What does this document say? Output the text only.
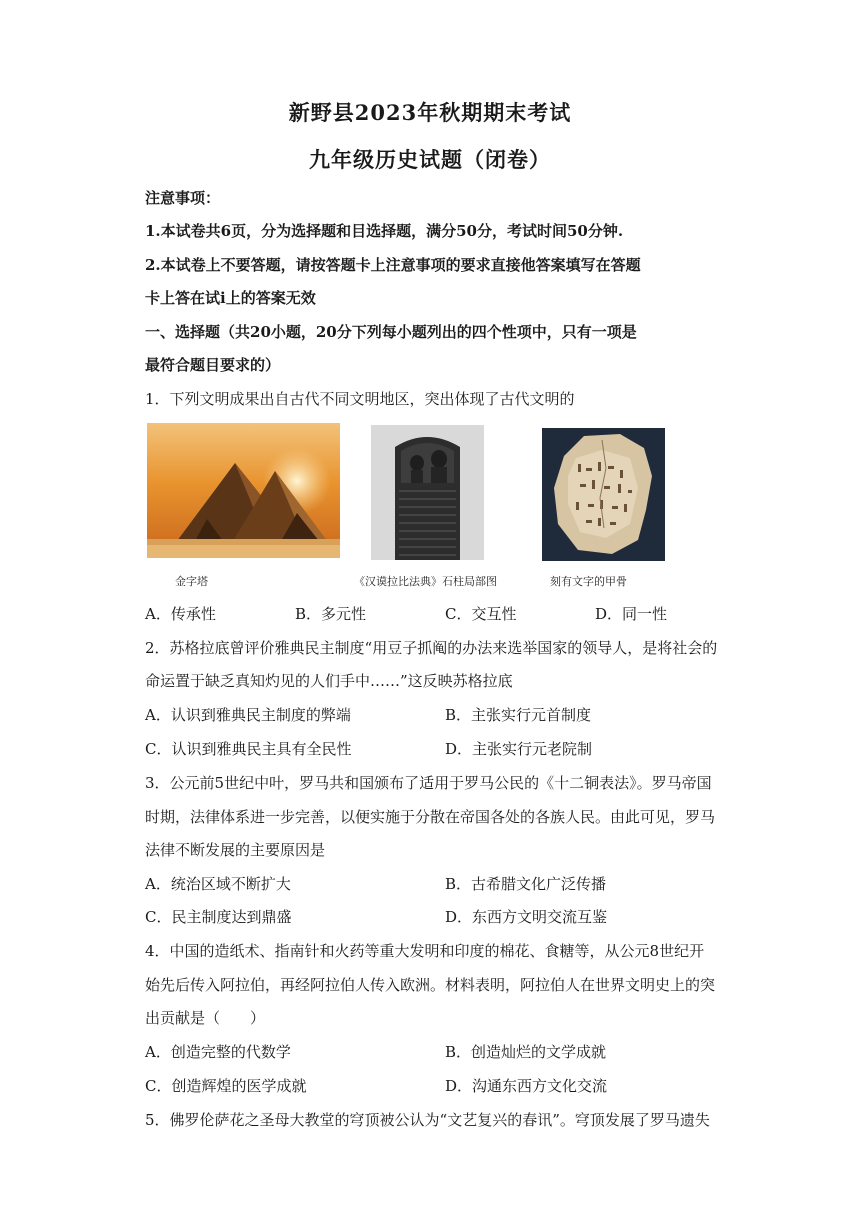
新野县2023年秋期期末考试
九年级历史试题（闭卷）
注意事项：
1.本试卷共6页，分为选择题和目选择题，满分50分，考试时间50分钟.
2.本试卷上不要答题，请按答题卡上注意事项的要求直接他答案填写在答题
卡上答在试i上的答案无效
一、选择题（共20小题，20分下列每小题列出的四个性项中，只有一项是
最符合题目要求的）
1．下列文明成果出自古代不同文明地区，突出体现了古代文明的
金字塔	《汉谟拉比法典》石柱局部图	刻有文字的甲骨
A．传承性	B．多元性	C．交互性	D．同一性
2．苏格拉底曾评价雅典民主制度“用豆子抓阄的办法来选举国家的领导人，是将社会的
命运置于缺乏真知灼见的人们手中……”这反映苏格拉底
A．认识到雅典民主制度的弊端	B．主张实行元首制度
C．认识到雅典民主具有全民性	D．主张实行元老院制
3．公元前5世纪中叶，罗马共和国颁布了适用于罗马公民的《十二铜表法》。罗马帝国
时期，法律体系进一步完善，以便实施于分散在帝国各处的各族人民。由此可见，罗马
法律不断发展的主要原因是
A．统治区域不断扩大	B．古希腊文化广泛传播
C．民主制度达到鼎盛	D．东西方文明交流互鉴
4．中国的造纸术、指南针和火药等重大发明和印度的棉花、食糖等，从公元8世纪开
始先后传入阿拉伯，再经阿拉伯人传入欧洲。材料表明，阿拉伯人在世界文明史上的突
出贡献是（　　）
A．创造完整的代数学	B．创造灿烂的文学成就
C．创造辉煌的医学成就	D．沟通东西方文化交流
5．佛罗伦萨花之圣母大教堂的穹顶被公认为“文艺复兴的春讯”。穹顶发展了罗马遗失
